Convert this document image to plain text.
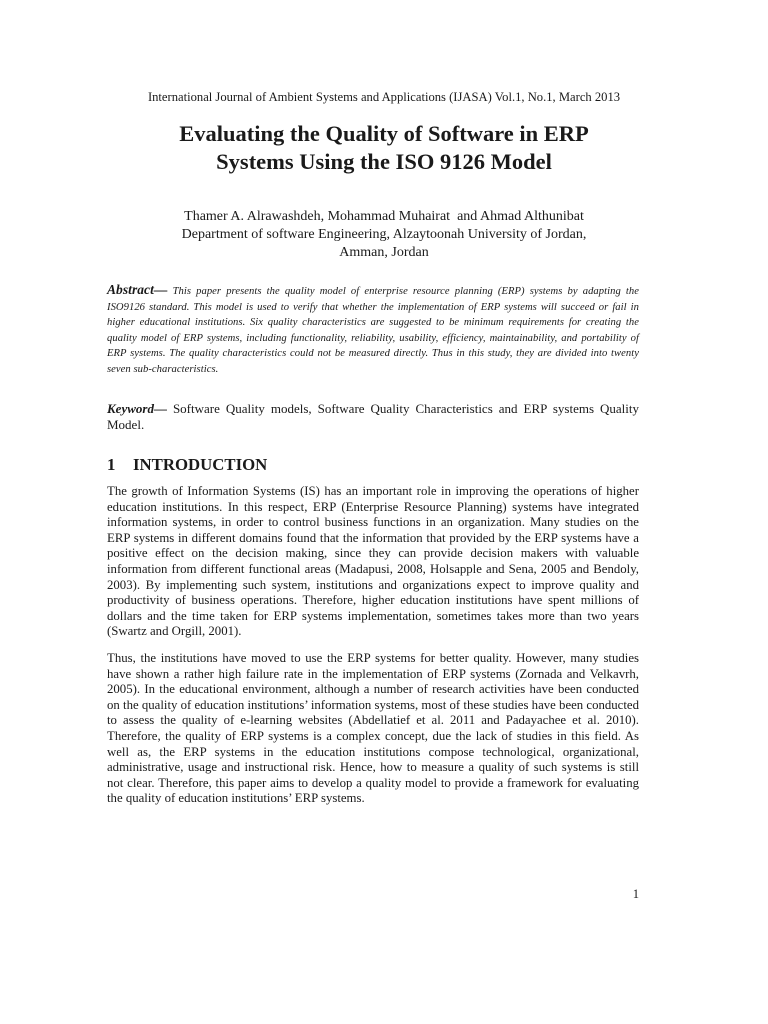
International Journal of Ambient Systems and Applications (IJASA) Vol.1, No.1, March 2013
Evaluating the Quality of Software in ERP
Systems Using the ISO 9126 Model
Thamer A. Alrawashdeh, Mohammad Muhairat  and Ahmad Althunibat
Department of software Engineering, Alzaytoonah University of Jordan,
Amman, Jordan
Abstract— This paper presents the quality model of enterprise resource planning (ERP) systems by adapting the ISO9126 standard. This model is used to verify that whether the implementation of ERP systems will succeed or fail in higher educational institutions. Six quality characteristics are suggested to be minimum requirements for creating the quality model of ERP systems, including functionality, reliability, usability, efficiency, maintainability, and portability of ERP systems. The quality characteristics could not be measured directly. Thus in this study, they are divided into twenty seven sub-characteristics.
Keyword— Software Quality models, Software Quality Characteristics and ERP systems Quality Model.
1 INTRODUCTION
The growth of Information Systems (IS) has an important role in improving the operations of higher education institutions. In this respect, ERP (Enterprise Resource Planning) systems have integrated information systems, in order to control business functions in an organization. Many studies on the ERP systems in different domains found that the information that provided by the ERP systems have a positive effect on the decision making, since they can provide decision makers with valuable information from different functional areas (Madapusi, 2008, Holsapple and Sena, 2005 and Bendoly, 2003). By implementing such system, institutions and organizations expect to improve quality and productivity of business operations. Therefore, higher education institutions have spent millions of dollars and the time taken for ERP systems implementation, sometimes takes more than two years (Swartz and Orgill, 2001).
Thus, the institutions have moved to use the ERP systems for better quality. However, many studies have shown a rather high failure rate in the implementation of ERP systems (Zornada and Velkavrh, 2005). In the educational environment, although a number of research activities have been conducted on the quality of education institutions’ information systems, most of these studies have been conducted to assess the quality of e-learning websites (Abdellatief et al. 2011 and Padayachee et al. 2010). Therefore, the quality of ERP systems is a complex concept, due the lack of studies in this field. As well as, the ERP systems in the education institutions compose technological, organizational, administrative, usage and instructional risk. Hence, how to measure a quality of such systems is still not clear. Therefore, this paper aims to develop a quality model to provide a framework for evaluating the quality of education institutions’ ERP systems.
1
